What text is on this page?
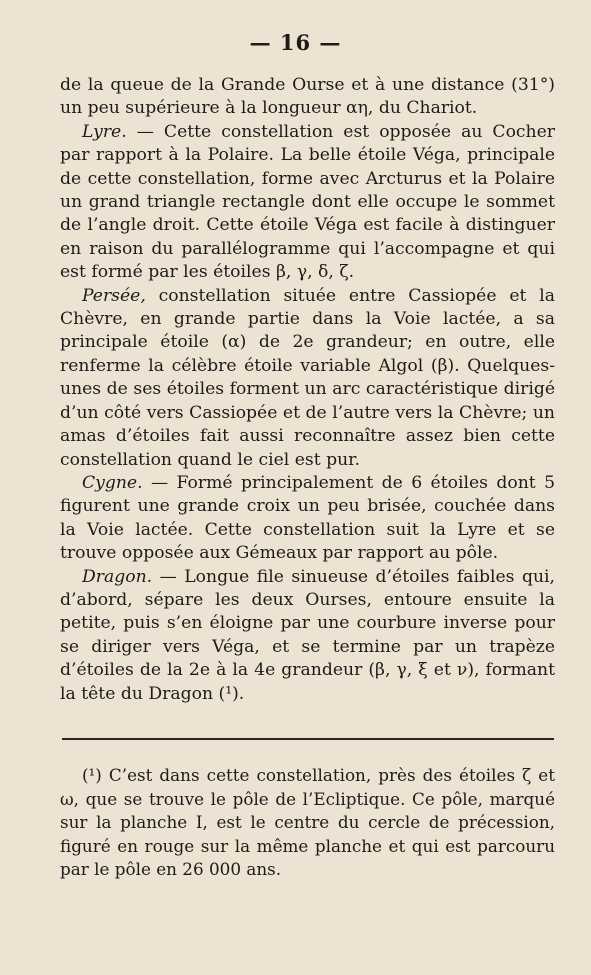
— 16 —

de la queue de la Grande Ourse et à une distance (31°) un peu supérieure à la longueur αη, du Chariot.

Lyre. — Cette constellation est opposée au Cocher par rapport à la Polaire. La belle étoile Véga, principale de cette constellation, forme avec Arcturus et la Polaire un grand triangle rectangle dont elle occupe le sommet de l’angle droit. Cette étoile Véga est facile à distinguer en raison du parallélogramme qui l’accompagne et qui est formé par les étoiles β, γ, δ, ζ.

Persée, constellation située entre Cassiopée et la Chèvre, en grande partie dans la Voie lactée, a sa principale étoile (α) de 2e grandeur; en outre, elle renferme la célèbre étoile variable Algol (β). Quelques-unes de ses étoiles forment un arc caractéristique dirigé d’un côté vers Cassiopée et de l’autre vers la Chèvre; un amas d’étoiles fait aussi reconnaître assez bien cette constellation quand le ciel est pur.

Cygne. — Formé principalement de 6 étoiles dont 5 figurent une grande croix un peu brisée, couchée dans la Voie lactée. Cette constellation suit la Lyre et se trouve opposée aux Gémeaux par rapport au pôle.

Dragon. — Longue file sinueuse d’étoiles faibles qui, d’abord, sépare les deux Ourses, entoure ensuite la petite, puis s’en éloigne par une courbure inverse pour se diriger vers Véga, et se termine par un trapèze d’étoiles de la 2e à la 4e grandeur (β, γ, ξ et ν), formant la tête du Dragon (¹).

(¹) C’est dans cette constellation, près des étoiles ζ et ω, que se trouve le pôle de l’Ecliptique. Ce pôle, marqué sur la planche I, est le centre du cercle de précession, figuré en rouge sur la même planche et qui est parcouru par le pôle en 26 000 ans.
